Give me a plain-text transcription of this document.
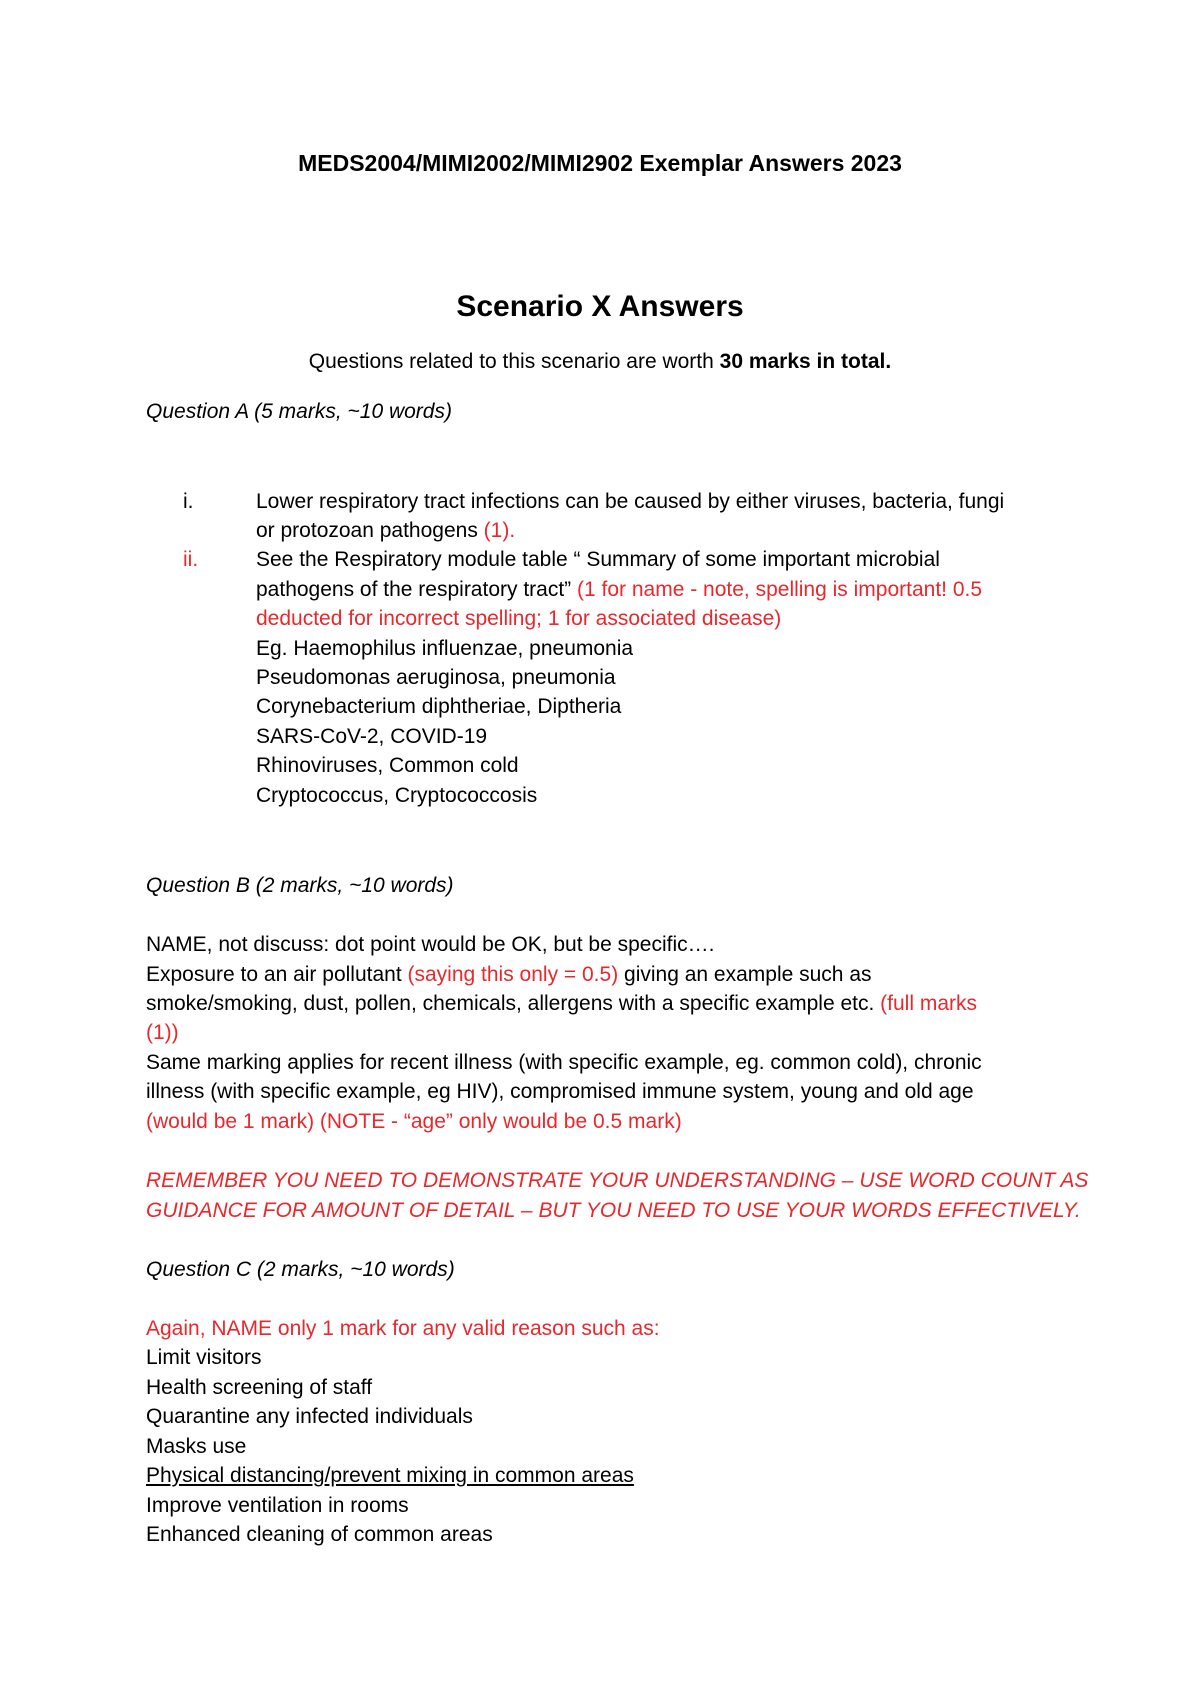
MEDS2004/MIMI2002/MIMI2902 Exemplar Answers 2023
Scenario X Answers
Questions related to this scenario are worth 30 marks in total.
Question A (5 marks, ~10 words)
i.	Lower respiratory tract infections can be caused by either viruses, bacteria, fungi
or protozoan pathogens (1).
ii.	See the Respiratory module table “ Summary of some important microbial
pathogens of the respiratory tract” (1 for name - note, spelling is important! 0.5
deducted for incorrect spelling; 1 for associated disease)
Eg. Haemophilus influenzae, pneumonia
Pseudomonas aeruginosa, pneumonia
Corynebacterium diphtheriae, Diptheria
SARS-CoV-2, COVID-19
Rhinoviruses, Common cold
Cryptococcus, Cryptococcosis
Question B (2 marks, ~10 words)
NAME, not discuss: dot point would be OK, but be specific….
Exposure to an air pollutant (saying this only = 0.5) giving an example such as
smoke/smoking, dust, pollen, chemicals, allergens with a specific example etc. (full marks
(1))
Same marking applies for recent illness (with specific example, eg. common cold), chronic
illness (with specific example, eg HIV), compromised immune system, young and old age
(would be 1 mark) (NOTE - “age” only would be 0.5 mark)
REMEMBER YOU NEED TO DEMONSTRATE YOUR UNDERSTANDING – USE WORD COUNT AS
GUIDANCE FOR AMOUNT OF DETAIL – BUT YOU NEED TO USE YOUR WORDS EFFECTIVELY.
Question C (2 marks, ~10 words)
Again, NAME only 1 mark for any valid reason such as:
Limit visitors
Health screening of staff
Quarantine any infected individuals
Masks use
Physical distancing/prevent mixing in common areas
Improve ventilation in rooms
Enhanced cleaning of common areas
